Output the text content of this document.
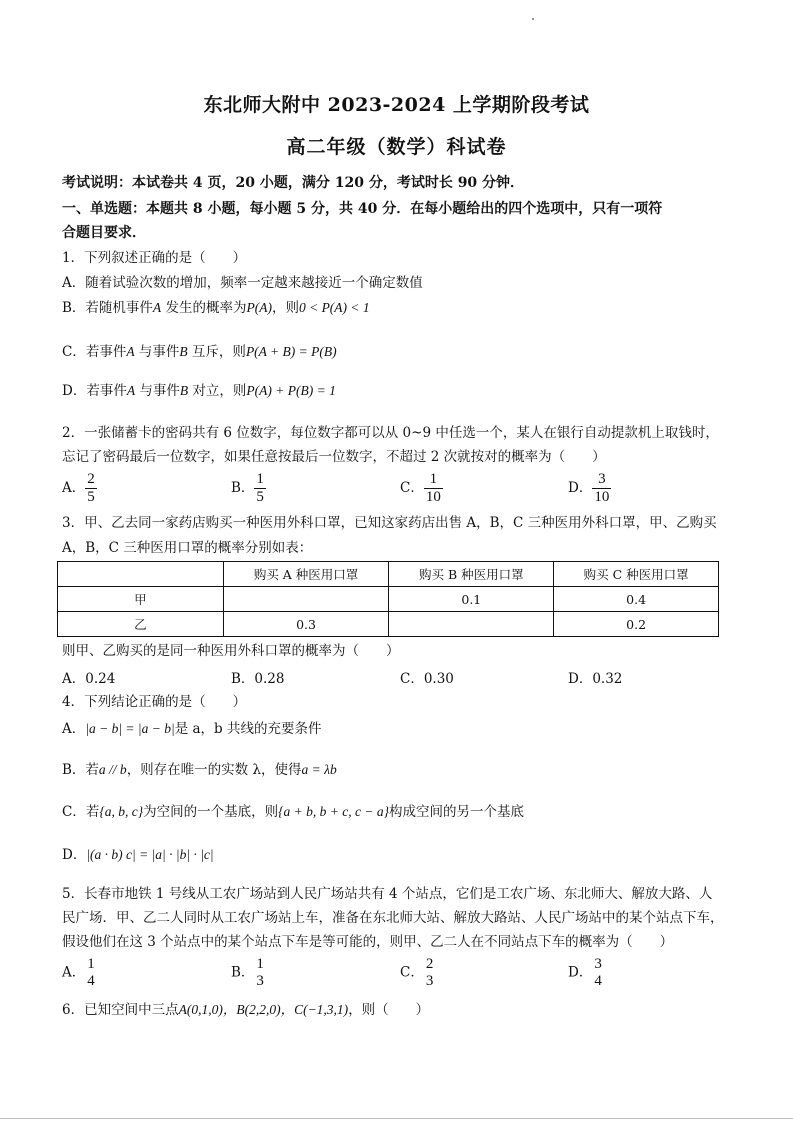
东北师大附中 2023-2024 上学期阶段考试
高二年级（数学）科试卷
考试说明：本试卷共 4 页，20 小题，满分 120 分，考试时长 90 分钟．
一、单选题：本题共 8 小题，每小题 5 分，共 40 分．在每小题给出的四个选项中，只有一项符
合题目要求．
1．下列叙述正确的是（　　）
A．随着试验次数的增加，频率一定越来越接近一个确定数值
B．若随机事件A 发生的概率为P(A)，则0 < P(A) < 1
C．若事件A 与事件B 互斥，则P(A + B) = P(B)
D．若事件A 与事件B 对立，则P(A) + P(B) = 1
2．一张储蓄卡的密码共有 6 位数字，每位数字都可以从 0~9 中任选一个，某人在银行自动提款机上取钱时，
忘记了密码最后一位数字，如果任意按最后一位数字，不超过 2 次就按对的概率为（　　）
A． $\frac{2}{5}$	B． $\frac{1}{5}$	C． $\frac{1}{10}$	D． $\frac{3}{10}$
3．甲、乙去同一家药店购买一种医用外科口罩，已知这家药店出售 A，B，C 三种医用外科口罩，甲、乙购买
A，B，C 三种医用口罩的概率分别如表：
	购买 A 种医用口罩	购买 B 种医用口罩	购买 C 种医用口罩
甲		0.1	0.4
乙	0.3		0.2
则甲、乙购买的是同一种医用外科口罩的概率为（　　）
A．0.24	B．0.28	C．0.30	D．0.32
4．下列结论正确的是（　　）
A．|a − b| = |a − b|是 a，b 共线的充要条件
B．若a // b，则存在唯一的实数 λ，使得a = λb
C．若{a, b, c}为空间的一个基底，则{a + b, b + c, c − a}构成空间的另一个基底
D．|(a · b) c| = |a| · |b| · |c|
5．长春市地铁 1 号线从工农广场站到人民广场站共有 4 个站点，它们是工农广场、东北师大、解放大路、人
民广场．甲、乙二人同时从工农广场站上车，准备在东北师大站、解放大路站、人民广场站中的某个站点下车，
假设他们在这 3 个站点中的某个站点下车是等可能的，则甲、乙二人在不同站点下车的概率为（　　）
A．
1
4
B．
1
3
C．
2
3
D．
3
4
6．已知空间中三点A(0,1,0)，B(2,2,0)，C(−1,3,1)，则（　　）
